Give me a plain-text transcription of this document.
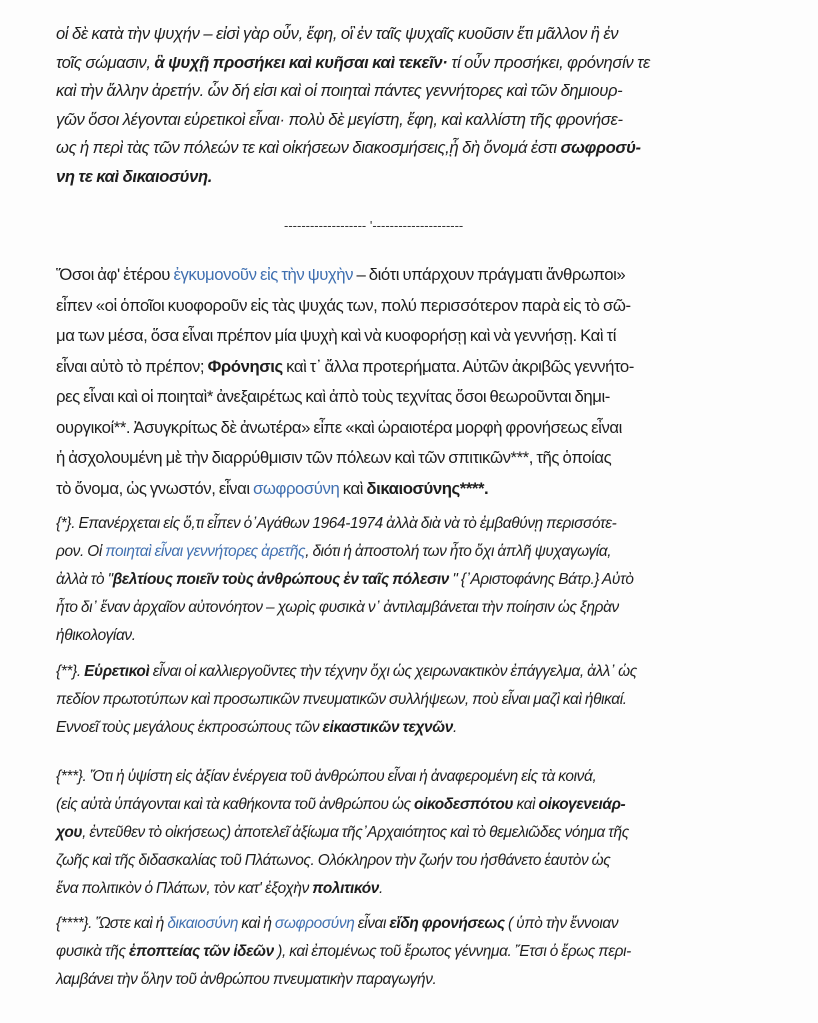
οἱ δὲ κατὰ τὴν ψυχήν – εἰσὶ γὰρ οὖν, ἔφη, οἳ ἐν ταῖς ψυχαῖς κυοῦσιν ἔτι μᾶλλον ἢ ἐν
τοῖς σώμασιν, ἃ ψυχῇ προσήκει καὶ κυῆσαι καὶ τεκεῖν· τί οὖν προσήκει, φρόνησίν τε
καὶ τὴν ἄλλην ἀρετήν. ὧν δή εἰσι καὶ οἱ ποιηταὶ πάντες γεννήτορες καὶ τῶν δημιουρ-
γῶν ὅσοι λέγονται εὑρετικοὶ εἶναι· πολὺ δὲ μεγίστη, ἔφη, καὶ καλλίστη τῆς φρονήσε-
ως ἡ περὶ τὰς τῶν πόλεών τε καὶ οἰκήσεων διακοσμήσεις,ᾗ δὴ ὄνομά ἐστι σωφροσύ-
νη τε καὶ δικαιοσύνη.
------------------- '---------------------
Ὅσοι ἀφ' ἑτέρου ἐγκυμονοῦν εἰς τὴν ψυχὴν – διότι υπάρχουν πράγματι ἄνθρωποι»
εἶπεν «οἱ ὁποῖοι κυοφοροῦν εἰς τὰς ψυχάς των, πολύ περισσότερον παρὰ εἰς τὸ σῶ-
μα των μέσα, ὅσα εἶναι πρέπον μία ψυχὴ καὶ νὰ κυοφορήσῃ καὶ νὰ γεννήσῃ. Καὶ τί
εἶναι αὐτὸ τὸ πρέπον; Φρόνησις καὶ τ᾽ ἄλλα προτερήματα. Αὐτῶν ἀκριβῶς γεννήτο-
ρες εἶναι καὶ οἱ ποιηταὶ* ἀνεξαιρέτως καὶ ἀπὸ τοὺς τεχνίτας ὅσοι θεωροῦνται δημι-
ουργικοί**. Ἀσυγκρίτως δὲ ἀνωτέρα» εἶπε «καὶ ὡραιοτέρα μορφὴ φρονήσεως εἶναι
ἡ ἀσχολουμένη μὲ τὴν διαρρύθμισιν τῶν πόλεων καὶ τῶν σπιτικῶν***, τῆς ὁποίας
τὸ ὄνομα, ὡς γνωστόν, εἶναι σωφροσύνη καὶ δικαιοσύνης****.
{*}. Επανέρχεται εἰς ὅ,τι εἶπεν ὁ᾽Αγάθων 1964-1974 ἀλλὰ διὰ νὰ τὸ ἐμβαθύνῃ περισσότε-
ρον. Οἱ ποιηταὶ εἶναι γεννήτορες ἀρετῆς, διότι ἡ ἀποστολή των ἦτο ὄχι ἁπλῆ ψυχαγωγία,
ἀλλὰ τὸ "βελτίους ποιεῖν τοὺς ἀνθρώπους ἐν ταῖς πόλεσιν " {᾽Αριστοφάνης Βάτρ.} Αὐτὸ
ἦτο δι᾽ ἕναν ἀρχαῖον αὐτονόητον – χωρὶς φυσικὰ ν᾽ ἀντιλαμβάνεται τὴν ποίησιν ὡς ξηρὰν
ἠθικολογίαν.
{**}. Εὑρετικοὶ εἶναι οἱ καλλιεργοῦντες τὴν τέχνην ὄχι ὡς χειρωνακτικὸν ἐπάγγελμα, ἀλλ᾽ ὡς
πεδίον πρωτοτύπων καὶ προσωπικῶν πνευματικῶν συλλήψεων, ποὺ εἶναι μαζὶ καὶ ἠθικαί.
Εννοεῖ τοὺς μεγάλους ἐκπροσώπους τῶν εἰκαστικῶν τεχνῶν.
{***}. Ὅτι ἡ ὑψίστη εἰς ἀξίαν ἐνέργεια τοῦ ἀνθρώπου εἶναι ἡ ἀναφερομένη εἰς τὰ κοινά,
(εἰς αὐτὰ ὑπάγονται καὶ τὰ καθήκοντα τοῦ ἀνθρώπου ὡς οἰκοδεσπότου καὶ οἰκογενειάρ-
χου, ἐντεῦθεν τὸ οἰκήσεως) ἀποτελεῖ ἀξίωμα τῆς᾽Αρχαιότητος καὶ τὸ θεμελιῶδες νόημα τῆς
ζωῆς καὶ τῆς διδασκαλίας τοῦ Πλάτωνος. Ολόκληρον τὴν ζωήν του ἠσθάνετο ἑαυτὸν ὡς
ἕνα πολιτικὸν ὁ Πλάτων, τὸν κατ' ἐξοχὴν πολιτικόν.
{****}. Ὥστε καὶ ἡ δικαιοσύνη καὶ ἡ σωφροσύνη εἶναι εἴδη φρονήσεως ( ὑπὸ τὴν ἔννοιαν
φυσικὰ τῆς ἐποπτείας τῶν ἰδεῶν ), καὶ ἐπομένως τοῦ ἔρωτος γέννημα. Ἔτσι ὁ ἔρως περι-
λαμβάνει τὴν ὅλην τοῦ ἀνθρώπου πνευματικὴν παραγωγήν.
